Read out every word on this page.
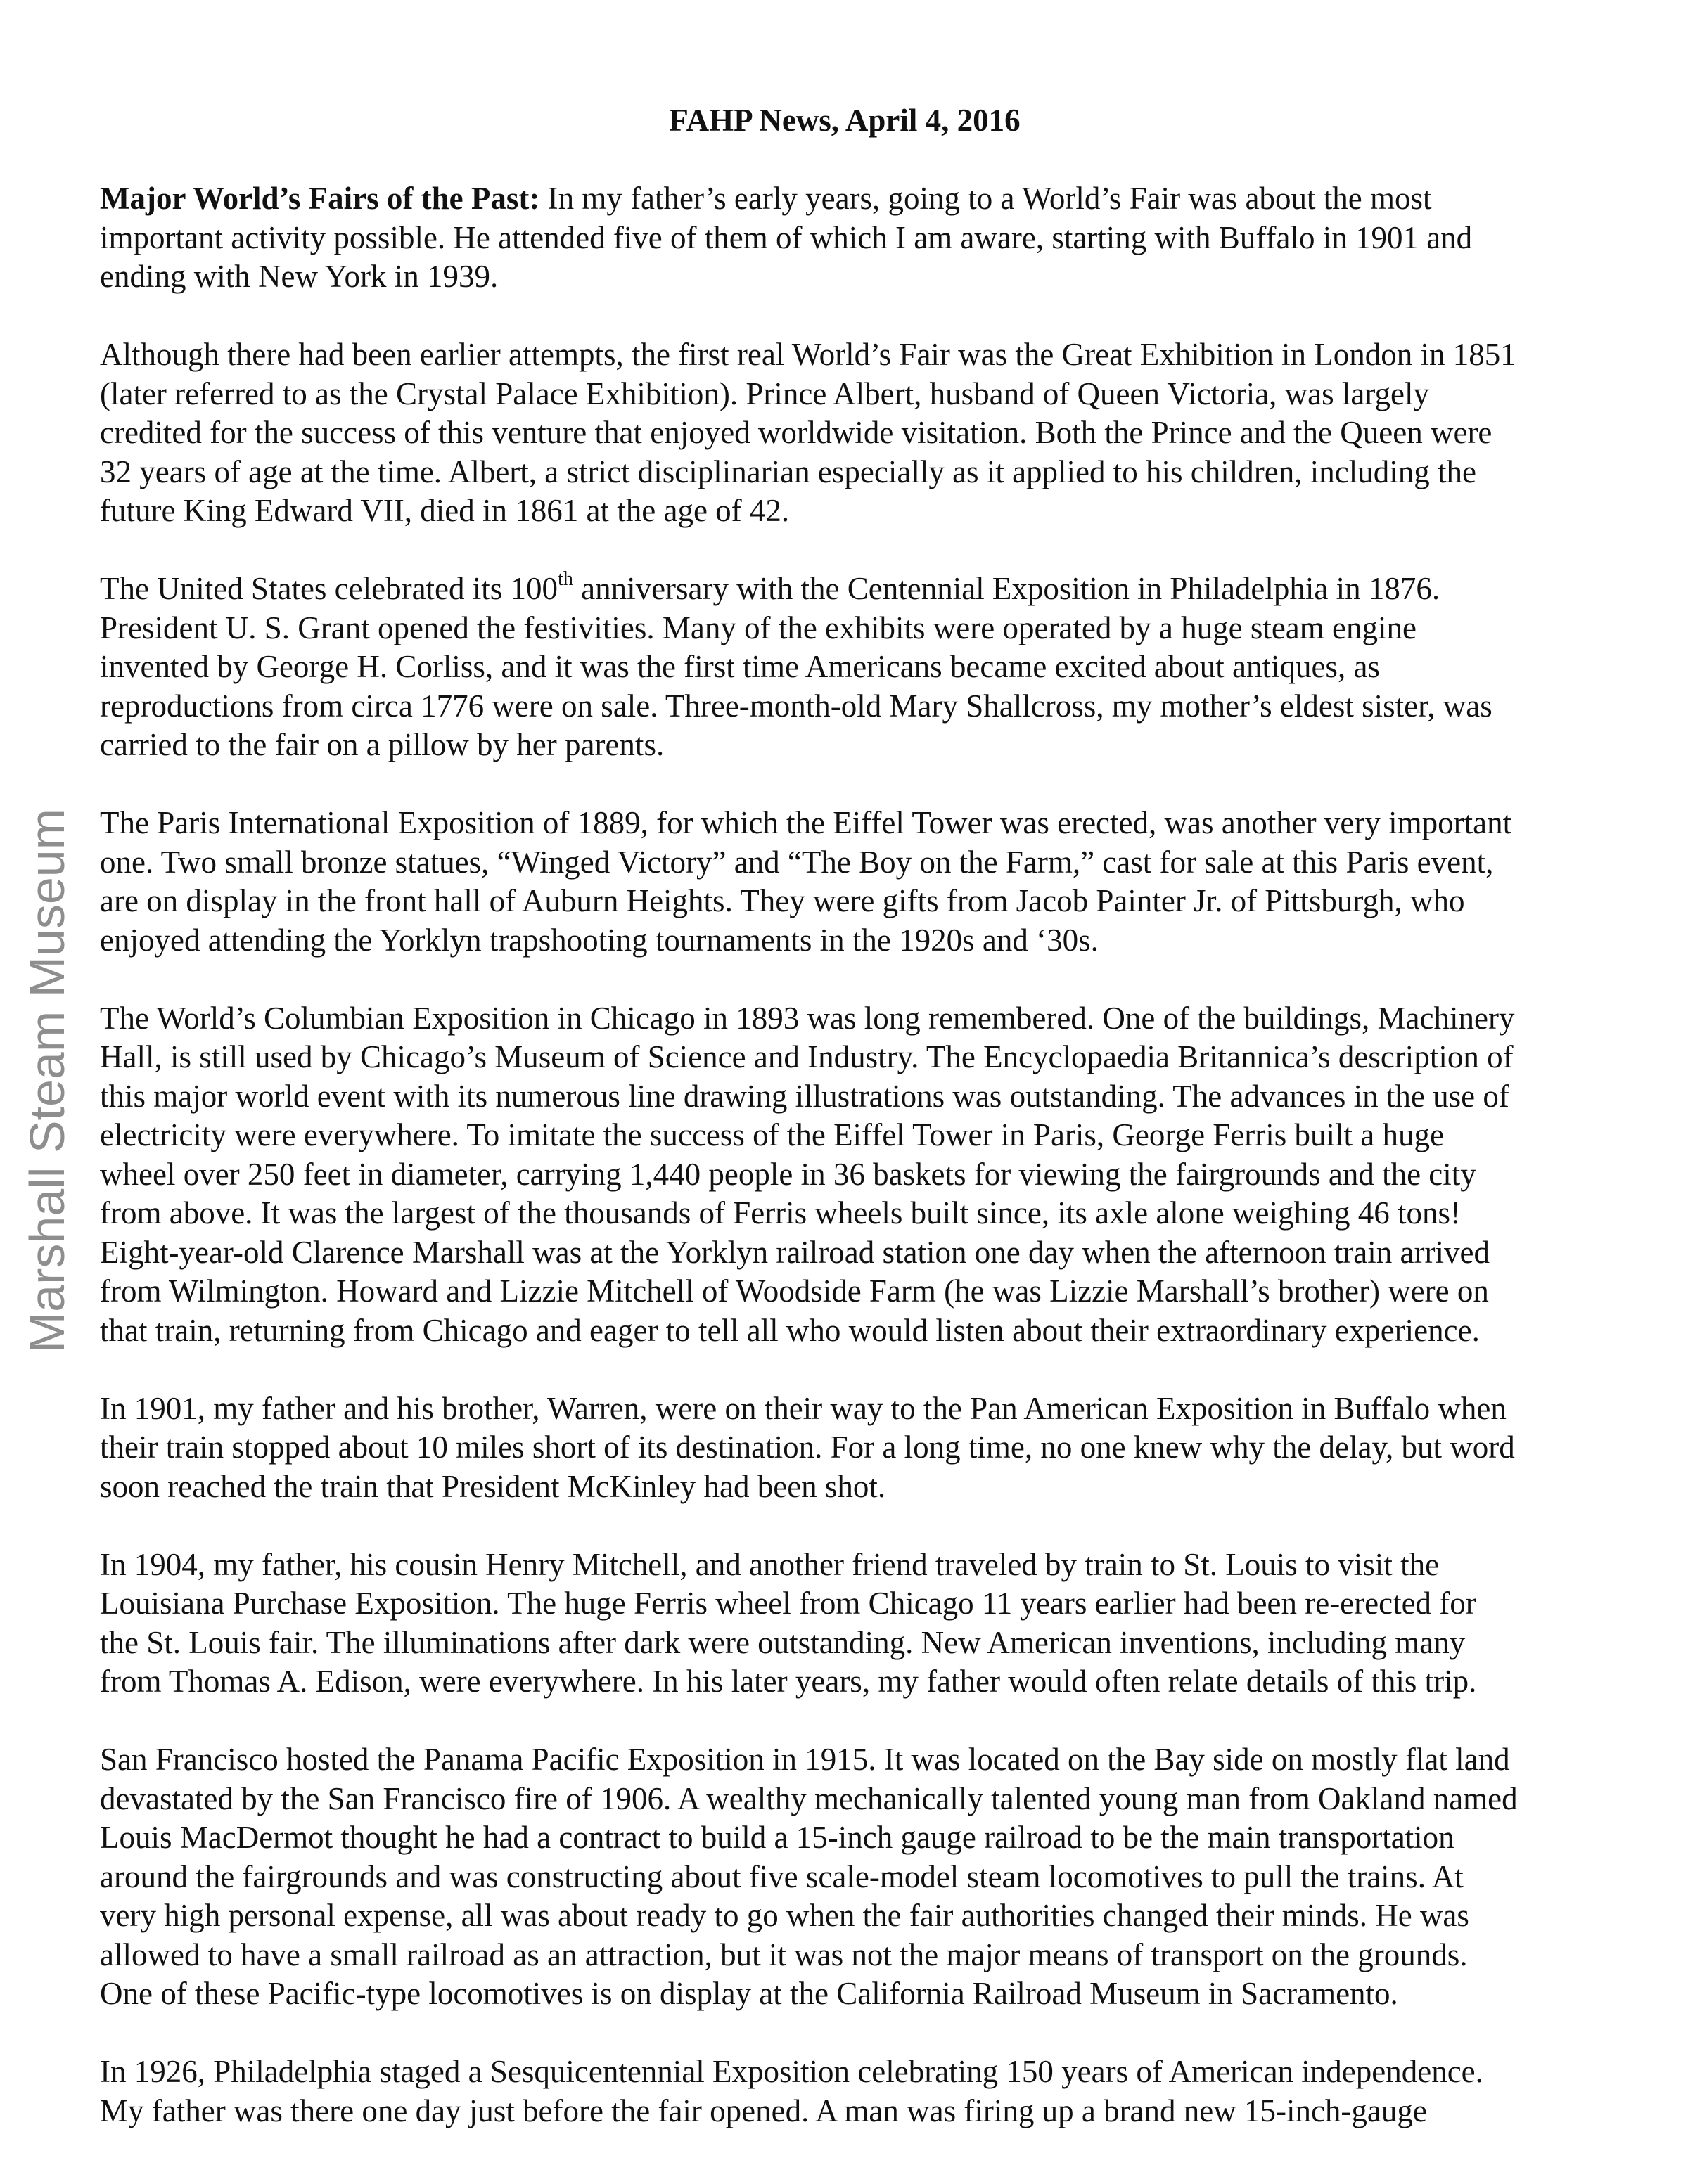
FAHP News, April 4, 2016
Major World’s Fairs of the Past: In my father’s early years, going to a World’s Fair was about the most
important activity possible. He attended five of them of which I am aware, starting with Buffalo in 1901 and
ending with New York in 1939.
Although there had been earlier attempts, the first real World’s Fair was the Great Exhibition in London in 1851
(later referred to as the Crystal Palace Exhibition). Prince Albert, husband of Queen Victoria, was largely
credited for the success of this venture that enjoyed worldwide visitation. Both the Prince and the Queen were
32 years of age at the time. Albert, a strict disciplinarian especially as it applied to his children, including the
future King Edward VII, died in 1861 at the age of 42.
The United States celebrated its 100th anniversary with the Centennial Exposition in Philadelphia in 1876.
President U. S. Grant opened the festivities. Many of the exhibits were operated by a huge steam engine
invented by George H. Corliss, and it was the first time Americans became excited about antiques, as
reproductions from circa 1776 were on sale. Three-month-old Mary Shallcross, my mother’s eldest sister, was
carried to the fair on a pillow by her parents.
The Paris International Exposition of 1889, for which the Eiffel Tower was erected, was another very important
one. Two small bronze statues, “Winged Victory” and “The Boy on the Farm,” cast for sale at this Paris event,
are on display in the front hall of Auburn Heights. They were gifts from Jacob Painter Jr. of Pittsburgh, who
enjoyed attending the Yorklyn trapshooting tournaments in the 1920s and ‘30s.
The World’s Columbian Exposition in Chicago in 1893 was long remembered. One of the buildings, Machinery
Hall, is still used by Chicago’s Museum of Science and Industry. The Encyclopaedia Britannica’s description of
this major world event with its numerous line drawing illustrations was outstanding. The advances in the use of
electricity were everywhere. To imitate the success of the Eiffel Tower in Paris, George Ferris built a huge
wheel over 250 feet in diameter, carrying 1,440 people in 36 baskets for viewing the fairgrounds and the city
from above. It was the largest of the thousands of Ferris wheels built since, its axle alone weighing 46 tons!
Eight-year-old Clarence Marshall was at the Yorklyn railroad station one day when the afternoon train arrived
from Wilmington. Howard and Lizzie Mitchell of Woodside Farm (he was Lizzie Marshall’s brother) were on
that train, returning from Chicago and eager to tell all who would listen about their extraordinary experience.
In 1901, my father and his brother, Warren, were on their way to the Pan American Exposition in Buffalo when
their train stopped about 10 miles short of its destination. For a long time, no one knew why the delay, but word
soon reached the train that President McKinley had been shot.
In 1904, my father, his cousin Henry Mitchell, and another friend traveled by train to St. Louis to visit the
Louisiana Purchase Exposition. The huge Ferris wheel from Chicago 11 years earlier had been re-erected for
the St. Louis fair. The illuminations after dark were outstanding. New American inventions, including many
from Thomas A. Edison, were everywhere. In his later years, my father would often relate details of this trip.
San Francisco hosted the Panama Pacific Exposition in 1915. It was located on the Bay side on mostly flat land
devastated by the San Francisco fire of 1906. A wealthy mechanically talented young man from Oakland named
Louis MacDermot thought he had a contract to build a 15-inch gauge railroad to be the main transportation
around the fairgrounds and was constructing about five scale-model steam locomotives to pull the trains. At
very high personal expense, all was about ready to go when the fair authorities changed their minds. He was
allowed to have a small railroad as an attraction, but it was not the major means of transport on the grounds.
One of these Pacific-type locomotives is on display at the California Railroad Museum in Sacramento.
In 1926, Philadelphia staged a Sesquicentennial Exposition celebrating 150 years of American independence.
My father was there one day just before the fair opened. A man was firing up a brand new 15-inch-gauge
Marshall Steam Museum
